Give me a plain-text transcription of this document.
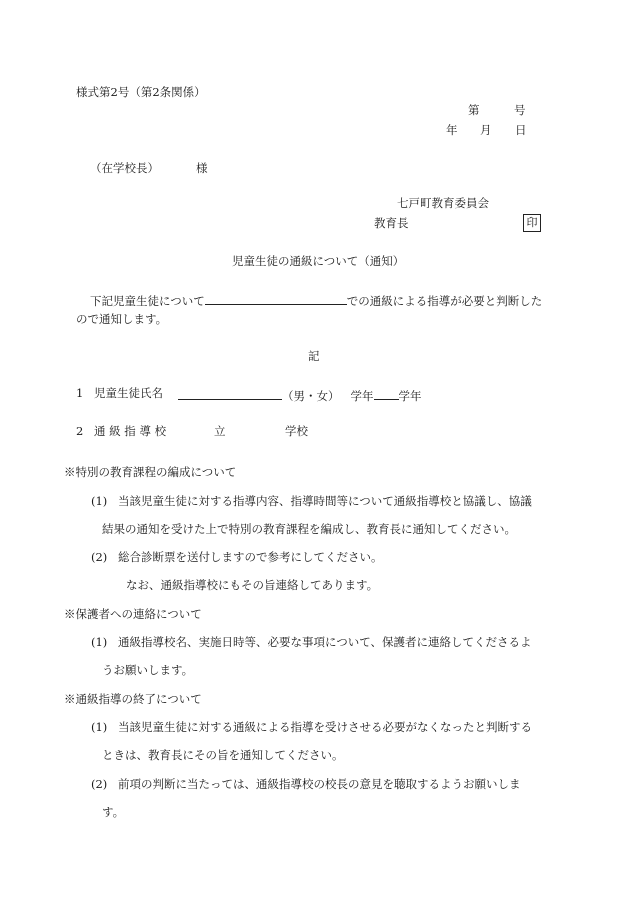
様式第2号（第2条関係）
第	号
年 月 日
（在学校長）	様
七戸町教育委員会
教育長	印
児童生徒の通級について（通知）
下記児童生徒について	での通級による指導が必要と判断した
ので通知します。
記
1 児童生徒氏名	（男・女） 学年 学年
2 通 級 指 導 校	立	学校
※特別の教育課程の編成について
(1) 当該児童生徒に対する指導内容、指導時間等について通級指導校と協議し、協議
結果の通知を受けた上で特別の教育課程を編成し、教育長に通知してください。
(2) 総合診断票を送付しますので参考にしてください。
なお、通級指導校にもその旨連絡してあります。
※保護者への連絡について
(1) 通級指導校名、実施日時等、必要な事項について、保護者に連絡してくださるよ
うお願いします。
※通級指導の終了について
(1) 当該児童生徒に対する通級による指導を受けさせる必要がなくなったと判断する
ときは、教育長にその旨を通知してください。
(2) 前項の判断に当たっては、通級指導校の校長の意見を聴取するようお願いしま
す。
